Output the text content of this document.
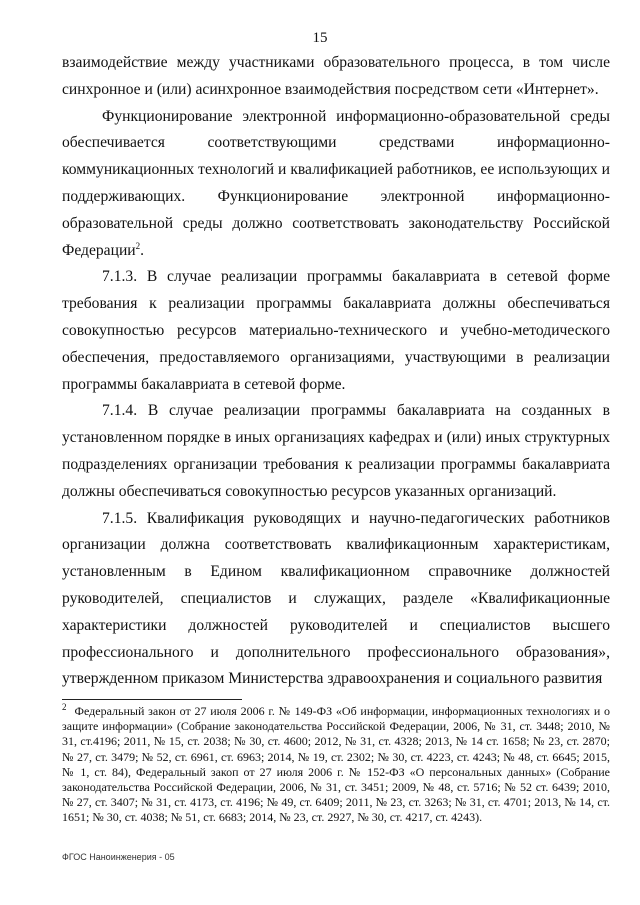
15

взаимодействие между участниками образовательного процесса, в том числе синхронное и (или) асинхронное взаимодействия посредством сети «Интернет».

Функционирование электронной информационно-образовательной среды обеспечивается соответствующими средствами информационно-коммуникационных технологий и квалификацией работников, ее использующих и поддерживающих. Функционирование электронной информационно-образовательной среды должно соответствовать законодательству Российской Федерации$^2$.

7.1.3. В случае реализации программы бакалавриата в сетевой форме требования к реализации программы бакалавриата должны обеспечиваться совокупностью ресурсов материально-технического и учебно-методического обеспечения, предоставляемого организациями, участвующими в реализации программы бакалавриата в сетевой форме.

7.1.4. В случае реализации программы бакалавриата на созданных в установленном порядке в иных организациях кафедрах и (или) иных структурных подразделениях организации требования к реализации программы бакалавриата должны обеспечиваться совокупностью ресурсов указанных организаций.

7.1.5. Квалификация руководящих и научно-педагогических работников организации должна соответствовать квалификационным характеристикам, установленным в Едином квалификационном справочнике должностей руководителей, специалистов и служащих, разделе «Квалификационные характеристики должностей руководителей и специалистов высшего профессионального и дополнительного профессионального образования», утвержденном приказом Министерства здравоохранения и социального развития

$^2$ Федеральный закон от 27 июля 2006 г. № 149-ФЗ «Об информации, информационных технологиях и о защите информации» (Собрание законодательства Российской Федерации, 2006, № 31, ст. 3448; 2010, № 31, ст.4196; 2011, № 15, ст. 2038; № 30, ст. 4600; 2012, № 31, ст. 4328; 2013, № 14 ст. 1658; № 23, ст. 2870; № 27, ст. 3479; № 52, ст. 6961, ст. 6963; 2014, № 19, ст. 2302; № 30, ст. 4223, ст. 4243; № 48, ст. 6645; 2015, № 1, ст. 84), Федеральный закоп от 27 июля 2006 г. № 152-ФЗ «О персональных данных» (Собрание законодательства Российской Федерации, 2006, № 31, ст. 3451; 2009, № 48, ст. 5716; № 52 ст. 6439; 2010, № 27, ст. 3407; № 31, ст. 4173, ст. 4196; № 49, ст. 6409; 2011, № 23, ст. 3263; № 31, ст. 4701; 2013, № 14, ст. 1651; № 30, ст. 4038; № 51, ст. 6683; 2014, № 23, ст. 2927, № 30, ст. 4217, ст. 4243).

ФГОС Наноинженерия - 05
